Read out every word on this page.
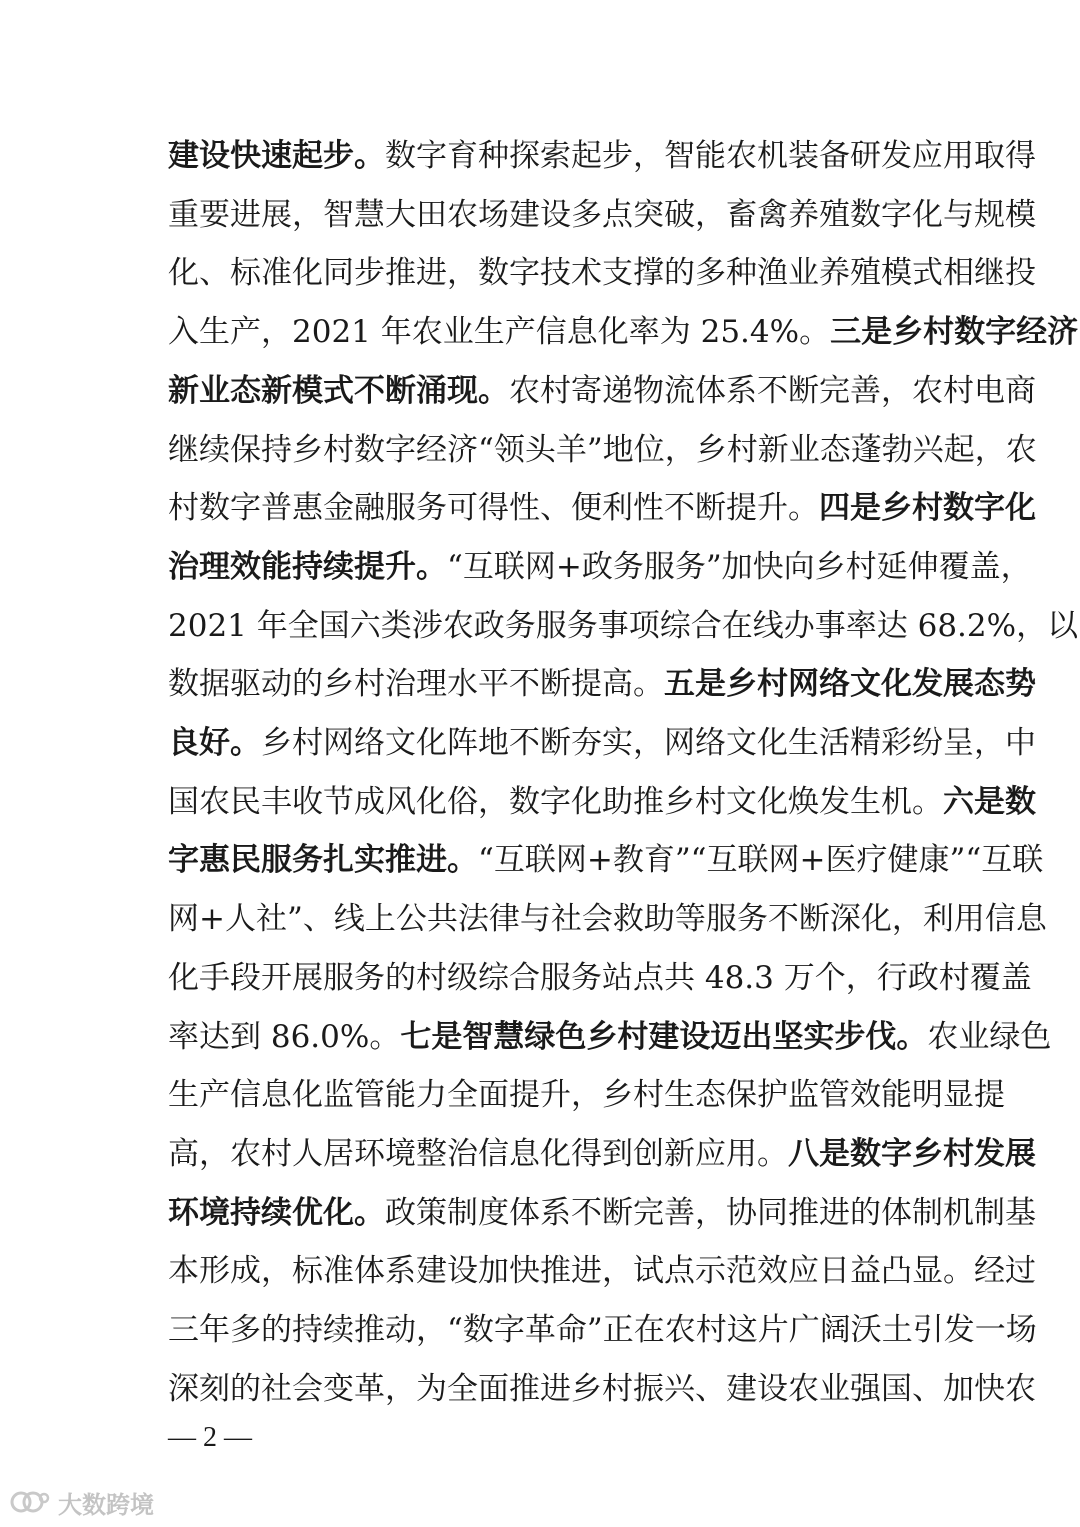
建设快速起步。数字育种探索起步，智能农机装备研发应用取得
重要进展，智慧大田农场建设多点突破，畜禽养殖数字化与规模
化、标准化同步推进，数字技术支撑的多种渔业养殖模式相继投
入生产，2021 年农业生产信息化率为 25.4%。三是乡村数字经济
新业态新模式不断涌现。农村寄递物流体系不断完善，农村电商
继续保持乡村数字经济“领头羊”地位，乡村新业态蓬勃兴起，农
村数字普惠金融服务可得性、便利性不断提升。四是乡村数字化
治理效能持续提升。“互联网+政务服务”加快向乡村延伸覆盖，
2021 年全国六类涉农政务服务事项综合在线办事率达 68.2%，以
数据驱动的乡村治理水平不断提高。五是乡村网络文化发展态势
良好。乡村网络文化阵地不断夯实，网络文化生活精彩纷呈，中
国农民丰收节成风化俗，数字化助推乡村文化焕发生机。六是数
字惠民服务扎实推进。“互联网+教育”“互联网+医疗健康”“互联
网+人社”、线上公共法律与社会救助等服务不断深化，利用信息
化手段开展服务的村级综合服务站点共 48.3 万个，行政村覆盖
率达到 86.0%。七是智慧绿色乡村建设迈出坚实步伐。农业绿色
生产信息化监管能力全面提升，乡村生态保护监管效能明显提
高，农村人居环境整治信息化得到创新应用。八是数字乡村发展
环境持续优化。政策制度体系不断完善，协同推进的体制机制基
本形成，标准体系建设加快推进，试点示范效应日益凸显。经过
三年多的持续推动，“数字革命”正在农村这片广阔沃土引发一场
深刻的社会变革，为全面推进乡村振兴、建设农业强国、加快农
— 2 —
大数跨境
